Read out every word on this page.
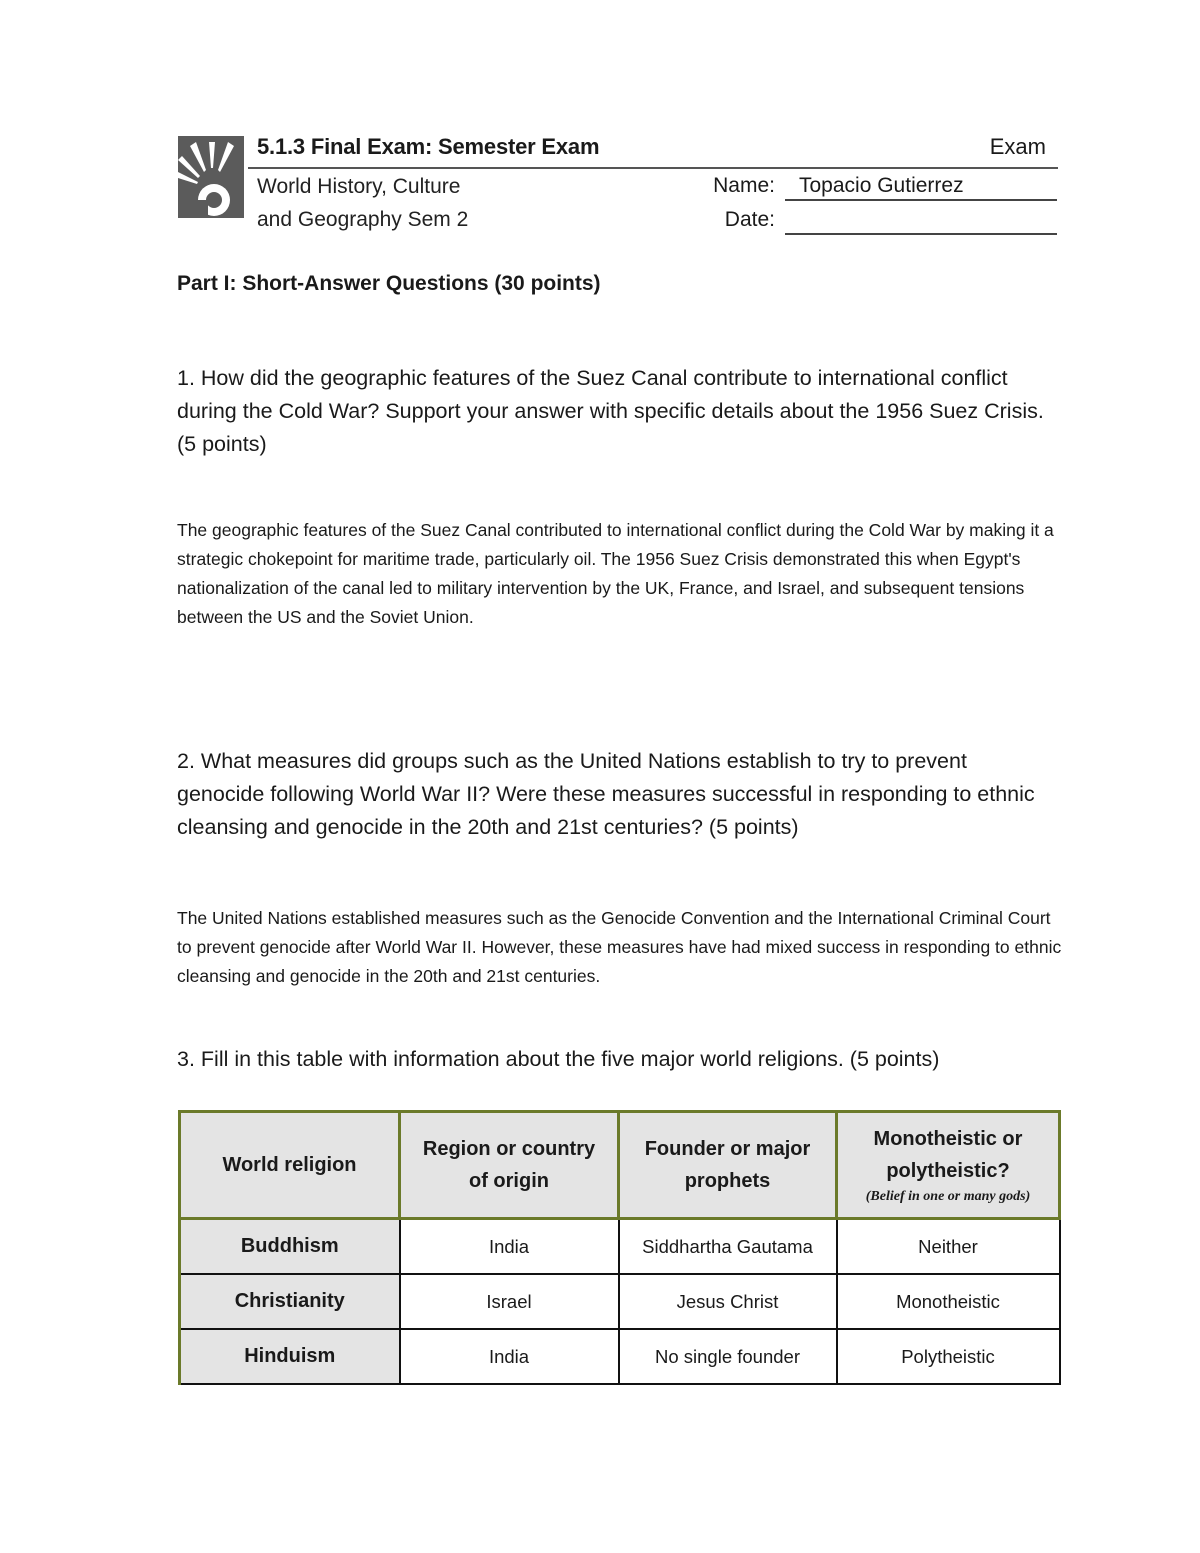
5.1.3 Final Exam: Semester Exam	Exam
World History, Culture
and Geography Sem 2
Name:	Topacio Gutierrez
Date:
Part I: Short-Answer Questions (30 points)
1. How did the geographic features of the Suez Canal contribute to international conflict during the Cold War? Support your answer with specific details about the 1956 Suez Crisis. (5 points)
The geographic features of the Suez Canal contributed to international conflict during the Cold War by making it a strategic chokepoint for maritime trade, particularly oil. The 1956 Suez Crisis demonstrated this when Egypt's nationalization of the canal led to military intervention by the UK, France, and Israel, and subsequent tensions between the US and the Soviet Union.
2. What measures did groups such as the United Nations establish to try to prevent genocide following World War II? Were these measures successful in responding to ethnic cleansing and genocide in the 20th and 21st centuries? (5 points)
The United Nations established measures such as the Genocide Convention and the International Criminal Court to prevent genocide after World War II. However, these measures have had mixed success in responding to ethnic cleansing and genocide in the 20th and 21st centuries.
3. Fill in this table with information about the five major world religions. (5 points)
World religion	Region or country of origin	Founder or major prophets	Monotheistic or polytheistic?
(Belief in one or many gods)

Buddhism	India	Siddhartha Gautama	Neither
Christianity	Israel	Jesus Christ	Monotheistic
Hinduism	India	No single founder	Polytheistic
